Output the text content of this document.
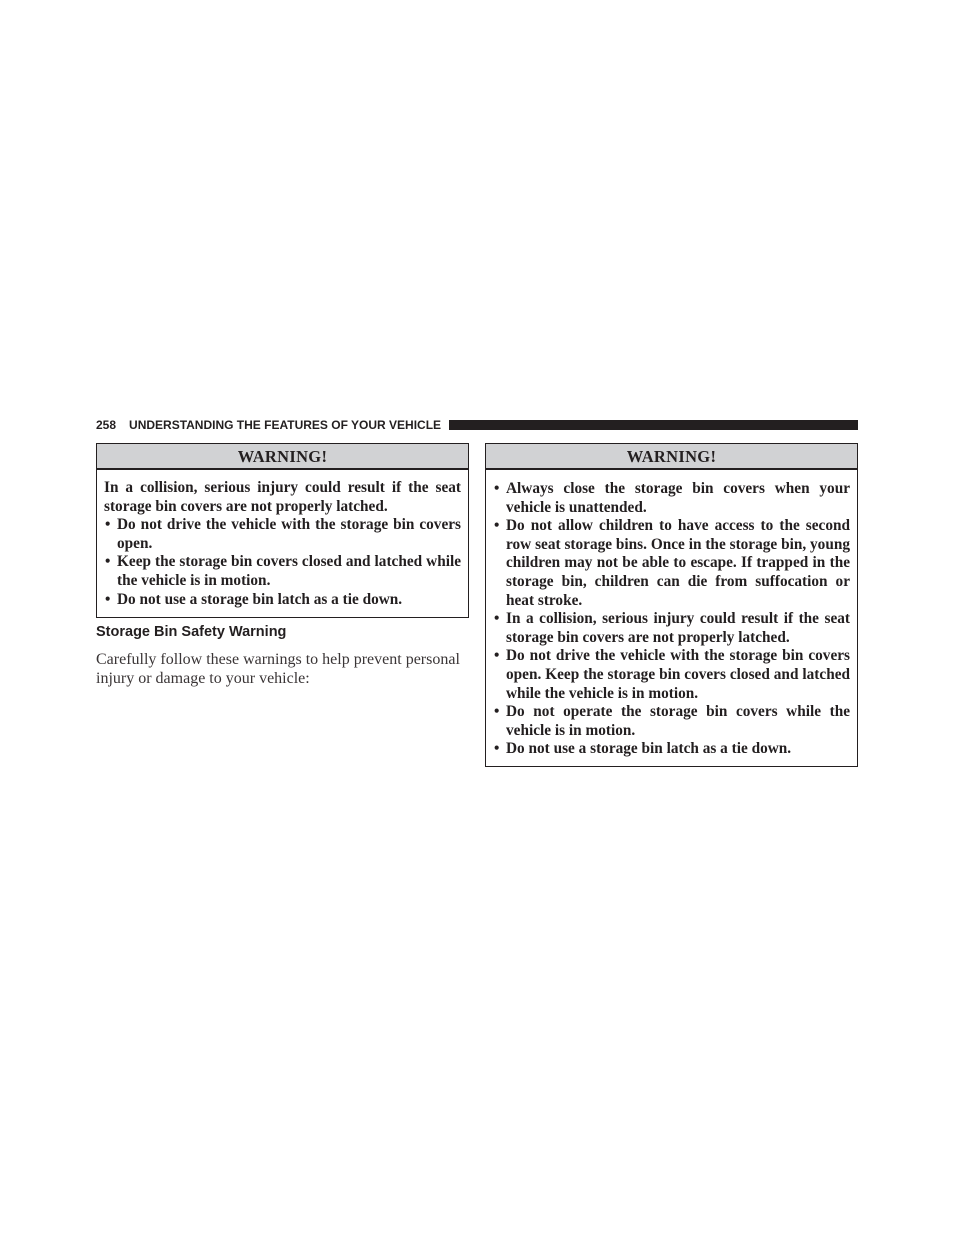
258 UNDERSTANDING THE FEATURES OF YOUR VEHICLE
WARNING!

In a collision, serious injury could result if the seat storage bin covers are not properly latched.

• Do not drive the vehicle with the storage bin covers open.
• Keep the storage bin covers closed and latched while the vehicle is in motion.
• Do not use a storage bin latch as a tie down.
Storage Bin Safety Warning
Carefully follow these warnings to help prevent personal injury or damage to your vehicle:
WARNING!
• Always close the storage bin covers when your vehicle is unattended.
• Do not allow children to have access to the second row seat storage bins. Once in the storage bin, young children may not be able to escape. If trapped in the storage bin, children can die from suffocation or heat stroke.
• In a collision, serious injury could result if the seat storage bin covers are not properly latched.
• Do not drive the vehicle with the storage bin covers open. Keep the storage bin covers closed and latched while the vehicle is in motion.
• Do not operate the storage bin covers while the vehicle is in motion.
• Do not use a storage bin latch as a tie down.
